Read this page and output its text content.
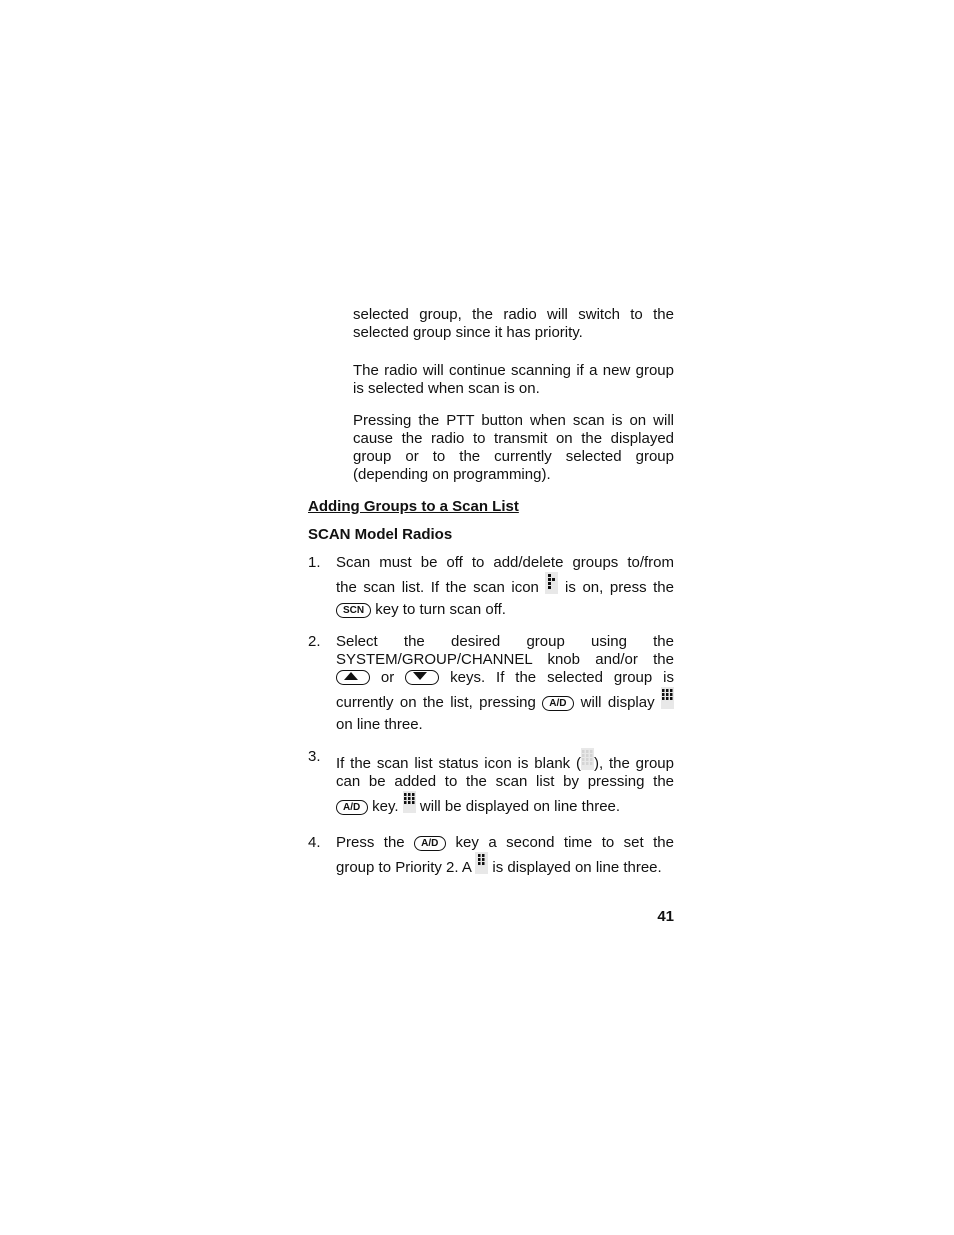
selected group, the radio will switch to the selected group since it has priority.

The radio will continue scanning if a new group is selected when scan is on.

Pressing the PTT button when scan is on will cause the radio to transmit on the displayed group or to the currently selected group (depending on programming).

Adding Groups to a Scan List
SCAN Model Radios
1. Scan must be off to add/delete groups to/from
the scan list. If the scan icon is on, press the
SCN key to turn scan off.
2. Select the desired group using the
SYSTEM/GROUP/CHANNEL knob and/or the
or	keys. If the selected group is
currently on the list, pressing A/D will display
on line three.
3. If the scan list status icon is blank ( ), the group
can be added to the scan list by pressing the
A/D key. will be displayed on line three.
4. Press the A/D key a second time to set the
group to Priority 2. A is displayed on line three.
41
